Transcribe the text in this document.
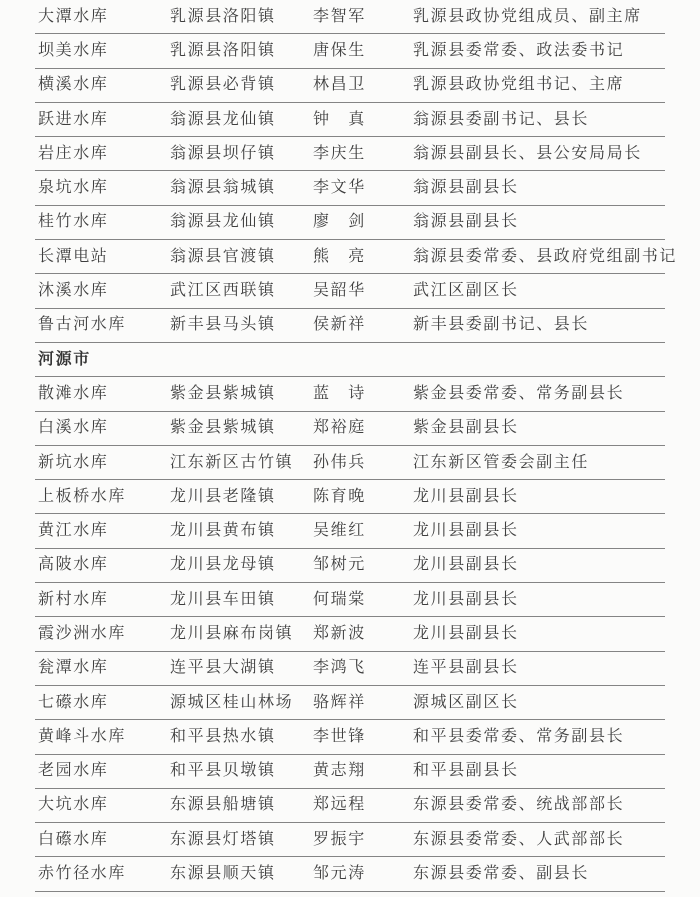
大潭水库	乳源县洛阳镇	李智军	乳源县政协党组成员、副主席
坝美水库	乳源县洛阳镇	唐保生	乳源县委常委、政法委书记
横溪水库	乳源县必背镇	林昌卫	乳源县政协党组书记、主席
跃进水库	翁源县龙仙镇	钟　真	翁源县委副书记、县长
岩庄水库	翁源县坝仔镇	李庆生	翁源县副县长、县公安局局长
泉坑水库	翁源县翁城镇	李文华	翁源县副县长
桂竹水库	翁源县龙仙镇	廖　剑	翁源县副县长
长潭电站	翁源县官渡镇	熊　亮	翁源县委常委、县政府党组副书记
沐溪水库	武江区西联镇	吴韶华	武江区副区长
鲁古河水库	新丰县马头镇	侯新祥	新丰县委副书记、县长
河源市
散滩水库	紫金县紫城镇	蓝　诗	紫金县委常委、常务副县长
白溪水库	紫金县紫城镇	郑裕庭	紫金县副县长
新坑水库	江东新区古竹镇	孙伟兵	江东新区管委会副主任
上板桥水库	龙川县老隆镇	陈育晚	龙川县副县长
黄江水库	龙川县黄布镇	吴维红	龙川县副县长
高陂水库	龙川县龙母镇	邹树元	龙川县副县长
新村水库	龙川县车田镇	何瑞棠	龙川县副县长
霞沙洲水库	龙川县麻布岗镇	郑新波	龙川县副县长
瓮潭水库	连平县大湖镇	李鸿飞	连平县副县长
七礤水库	源城区桂山林场	骆辉祥	源城区副区长
黄峰斗水库	和平县热水镇	李世锋	和平县委常委、常务副县长
老园水库	和平县贝墩镇	黄志翔	和平县副县长
大坑水库	东源县船塘镇	郑远程	东源县委常委、统战部部长
白礤水库	东源县灯塔镇	罗振宇	东源县委常委、人武部部长
赤竹径水库	东源县顺天镇	邹元涛	东源县委常委、副县长
